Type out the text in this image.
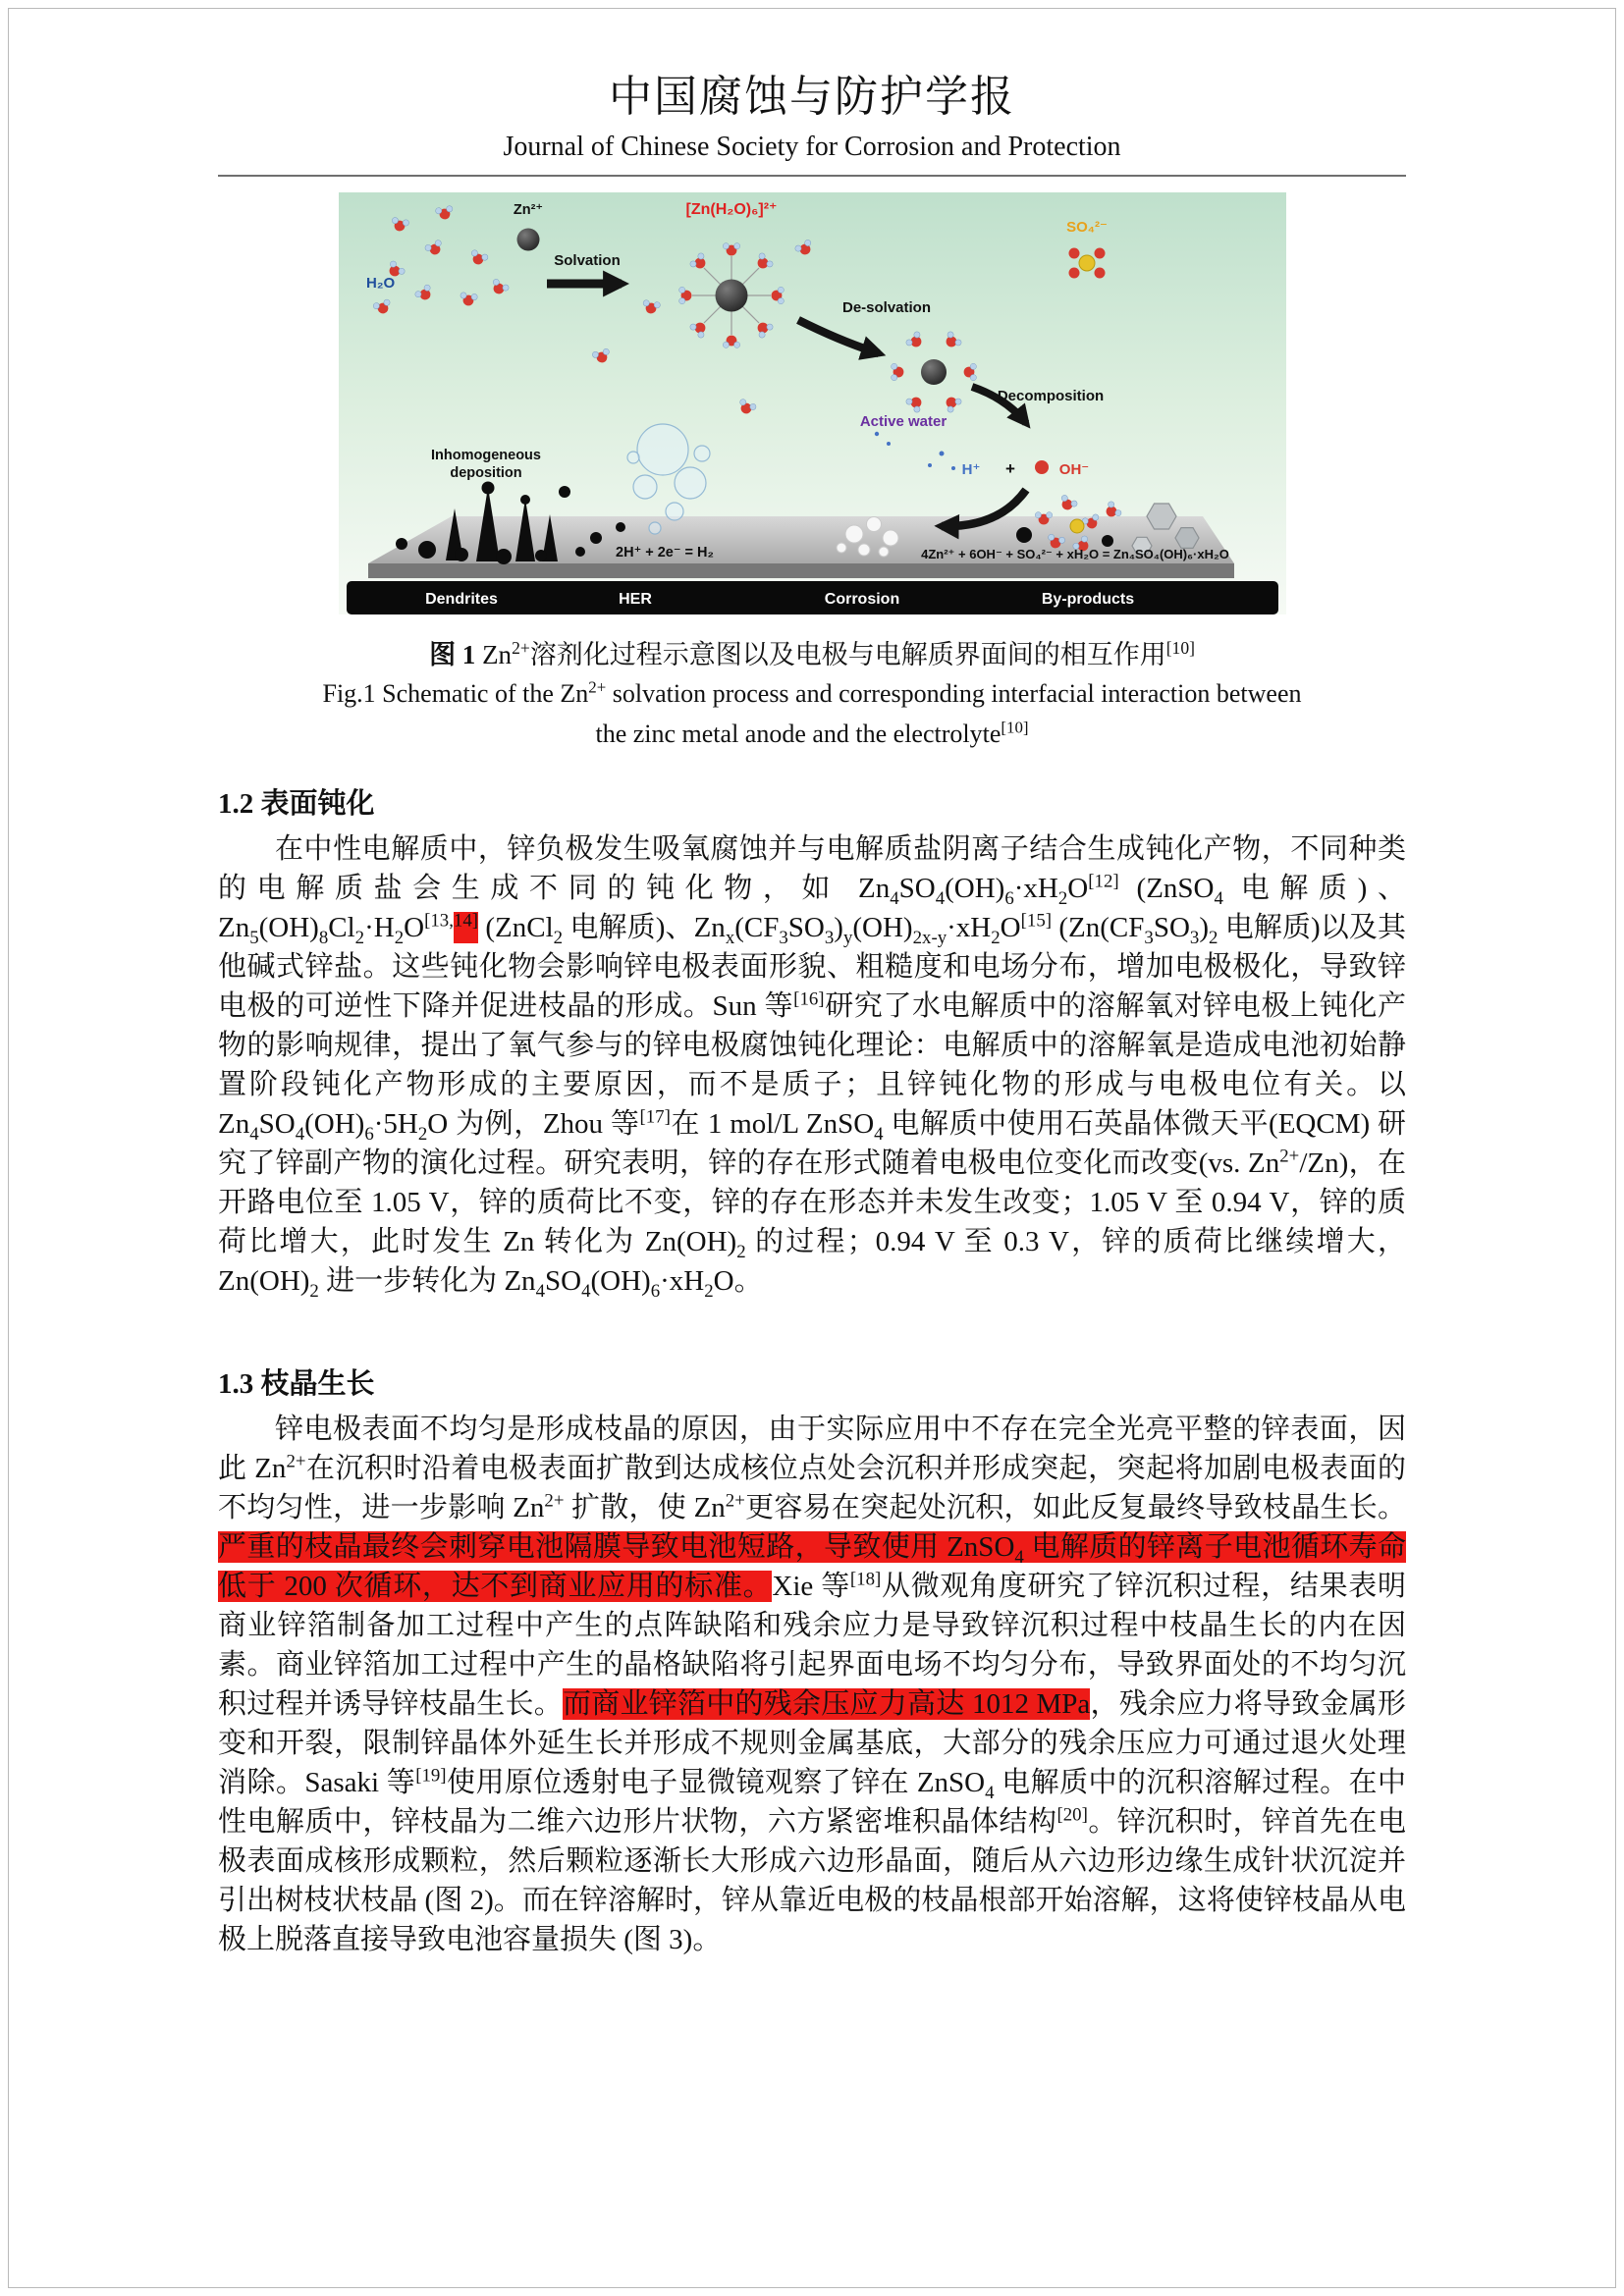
中国腐蚀与防护学报
Journal of Chinese Society for Corrosion and Protection
H₂O
Zn²⁺
Solvation
[Zn(H₂O)₆]²⁺
De-solvation
Active water
SO₄²⁻
Decomposition
H⁺ +	OH⁻
Inhomogeneous
deposition
2H⁺ + 2e⁻ = H₂	4Zn²⁺ + 6OH⁻ + SO₄²⁻ + xH₂O = Zn₄SO₄(OH)₆·xH₂O
Dendrites	HER	Corrosion	By-products
图 1 $Zn^{2+}$溶剂化过程示意图以及电极与电解质界面间的相互作用[10]
Fig.1 Schematic of the $Zn^{2+}$ solvation process and corresponding interfacial interaction between
the zinc metal anode and the electrolyte[10]
1.2 表面钝化

在中性电解质中，锌负极发生吸氧腐蚀并与电解质盐阴离子结合生成钝化产物，不同种类的电解质盐会生成不同的钝化物，如 $Zn_4SO_4(OH)_6\cdot xH_2O[12]$ (ZnSO$_4$ 电解质)、$Zn_5(OH)_8Cl_2\cdot H_2O[13,14]$ (ZnCl$_2$ 电解质)、$Zn_x(CF_3SO_3)_y(OH)_{2x-y}\cdot xH_2O[15]$ ($Zn(CF_3SO_3)_2$ 电解质)以及其他碱式锌盐。这些钝化物会影响锌电极表面形貌、粗糙度和电场分布，增加电极极化，导致锌电极的可逆性下降并促进枝晶的形成。Sun 等[16]研究了水电解质中的溶解氧对锌电极上钝化产物的影响规律，提出了氧气参与的锌电极腐蚀钝化理论：电解质中的溶解氧是造成电池初始静置阶段钝化产物形成的主要原因，而不是质子；且锌钝化物的形成与电极电位有关。以 $Zn_4SO_4(OH)_6\cdot 5H_2O$ 为例，Zhou 等[17]在 1 mol/L ZnSO$_4$ 电解质中使用石英晶体微天平(EQCM) 研究了锌副产物的演化过程。研究表明，锌的存在形式随着电极电位变化而改变(vs. $Zn^{2+}/Zn$)，在开路电位至 1.05 V，锌的质荷比不变，锌的存在形态并未发生改变；1.05 V 至 0.94 V，锌的质荷比增大，此时发生 Zn 转化为 $Zn(OH)_2$ 的过程；0.94 V 至 0.3 V，锌的质荷比继续增大，$Zn(OH)_2$ 进一步转化为 $Zn_4SO_4(OH)_6\cdot xH_2O$。

1.3 枝晶生长

锌电极表面不均匀是形成枝晶的原因，由于实际应用中不存在完全光亮平整的锌表面，因此 $Zn^{2+}$在沉积时沿着电极表面扩散到达成核位点处会沉积并形成突起，突起将加剧电极表面的不均匀性，进一步影响 $Zn^{2+}$ 扩散，使 $Zn^{2+}$更容易在突起处沉积，如此反复最终导致枝晶生长。严重的枝晶最终会刺穿电池隔膜导致电池短路，导致使用 ZnSO$_4$ 电解质的锌离子电池循环寿命低于 200 次循环，达不到商业应用的标准。Xie 等[18]从微观角度研究了锌沉积过程，结果表明商业锌箔制备加工过程中产生的点阵缺陷和残余应力是导致锌沉积过程中枝晶生长的内在因素。商业锌箔加工过程中产生的晶格缺陷将引起界面电场不均匀分布，导致界面处的不均匀沉积过程并诱导锌枝晶生长。而商业锌箔中的残余压应力高达 1012 MPa，残余应力将导致金属形变和开裂，限制锌晶体外延生长并形成不规则金属基底，大部分的残余压应力可通过退火处理消除。Sasaki 等[19]使用原位透射电子显微镜观察了锌在 ZnSO$_4$ 电解质中的沉积溶解过程。在中性电解质中，锌枝晶为二维六边形片状物，六方紧密堆积晶体结构[20]。锌沉积时，锌首先在电极表面成核形成颗粒，然后颗粒逐渐长大形成六边形晶面，随后从六边形边缘生成针状沉淀并引出树枝状枝晶 (图 2)。而在锌溶解时，锌从靠近电极的枝晶根部开始溶解，这将使锌枝晶从电极上脱落直接导致电池容量损失 (图 3)。
